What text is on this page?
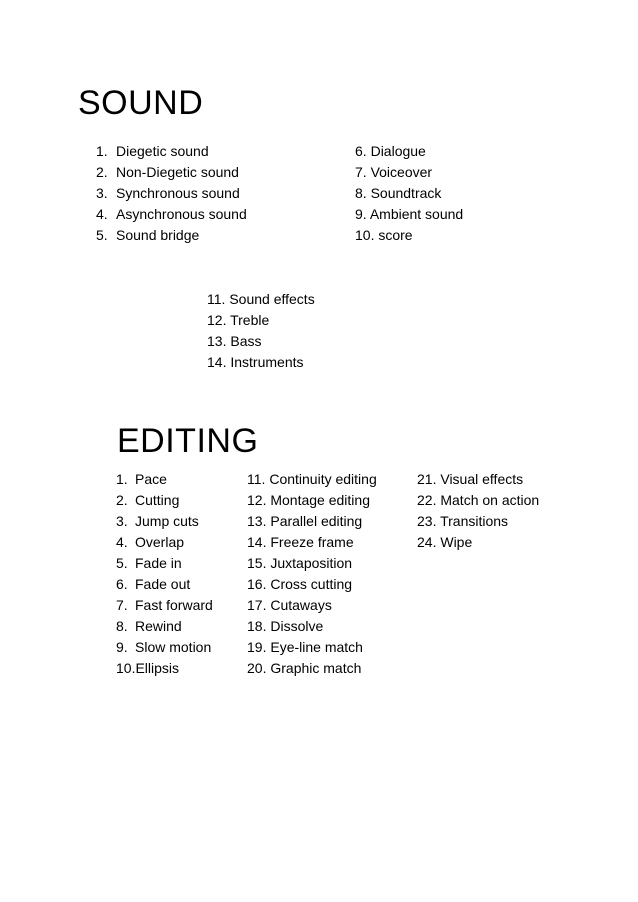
SOUND
1. Diegetic sound
2. Non-Diegetic sound
3. Synchronous sound
4. Asynchronous sound
5. Sound bridge
6. Dialogue
7. Voiceover
8. Soundtrack
9. Ambient sound
10. score
11. Sound effects
12. Treble
13. Bass
14. Instruments
EDITING
1. Pace
2. Cutting
3. Jump cuts
4. Overlap
5. Fade in
6. Fade out
7. Fast forward
8. Rewind
9. Slow motion
10.Ellipsis
11. Continuity editing
12. Montage editing
13. Parallel editing
14. Freeze frame
15. Juxtaposition
16. Cross cutting
17. Cutaways
18. Dissolve
19. Eye-line match
20. Graphic match
21. Visual effects
22. Match on action
23. Transitions
24. Wipe
